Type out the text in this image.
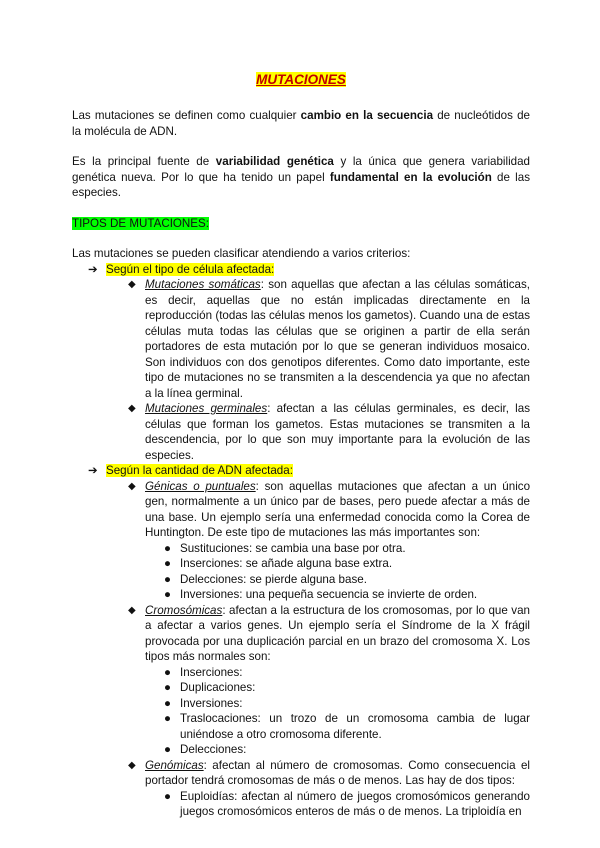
MUTACIONES

Las mutaciones se definen como cualquier cambio en la secuencia de nucleótidos de la molécula de ADN.

Es la principal fuente de variabilidad genética y la única que genera variabilidad genética nueva. Por lo que ha tenido un papel fundamental en la evolución de las especies.

TIPOS DE MUTACIONES:

Las mutaciones se pueden clasificar atendiendo a varios criterios:

➔ Según el tipo de célula afectada:
◆ Mutaciones somáticas: son aquellas que afectan a las células somáticas, es decir, aquellas que no están implicadas directamente en la reproducción (todas las células menos los gametos). Cuando una de estas células muta todas las células que se originen a partir de ella serán portadores de esta mutación por lo que se generan individuos mosaico. Son individuos con dos genotipos diferentes. Como dato importante, este tipo de mutaciones no se transmiten a la descendencia ya que no afectan a la línea germinal.
◆ Mutaciones germinales: afectan a las células germinales, es decir, las células que forman los gametos. Estas mutaciones se transmiten a la descendencia, por lo que son muy importante para la evolución de las especies.
➔ Según la cantidad de ADN afectada:
◆ Génicas o puntuales: son aquellas mutaciones que afectan a un único gen, normalmente a un único par de bases, pero puede afectar a más de una base. Un ejemplo sería una enfermedad conocida como la Corea de Huntington. De este tipo de mutaciones las más importantes son:
● Sustituciones: se cambia una base por otra.
● Inserciones: se añade alguna base extra.
● Delecciones: se pierde alguna base.
● Inversiones: una pequeña secuencia se invierte de orden.
◆ Cromosómicas: afectan a la estructura de los cromosomas, por lo que van a afectar a varios genes. Un ejemplo sería el Síndrome de la X frágil provocada por una duplicación parcial en un brazo del cromosoma X. Los tipos más normales son:
● Inserciones:
● Duplicaciones:
● Inversiones:
● Traslocaciones: un trozo de un cromosoma cambia de lugar uniéndose a otro cromosoma diferente.
● Delecciones:
◆ Genómicas: afectan al número de cromosomas. Como consecuencia el portador tendrá cromosomas de más o de menos. Las hay de dos tipos:
● Euploidías: afectan al número de juegos cromosómicos generando juegos cromosómicos enteros de más o de menos. La triploidía en
